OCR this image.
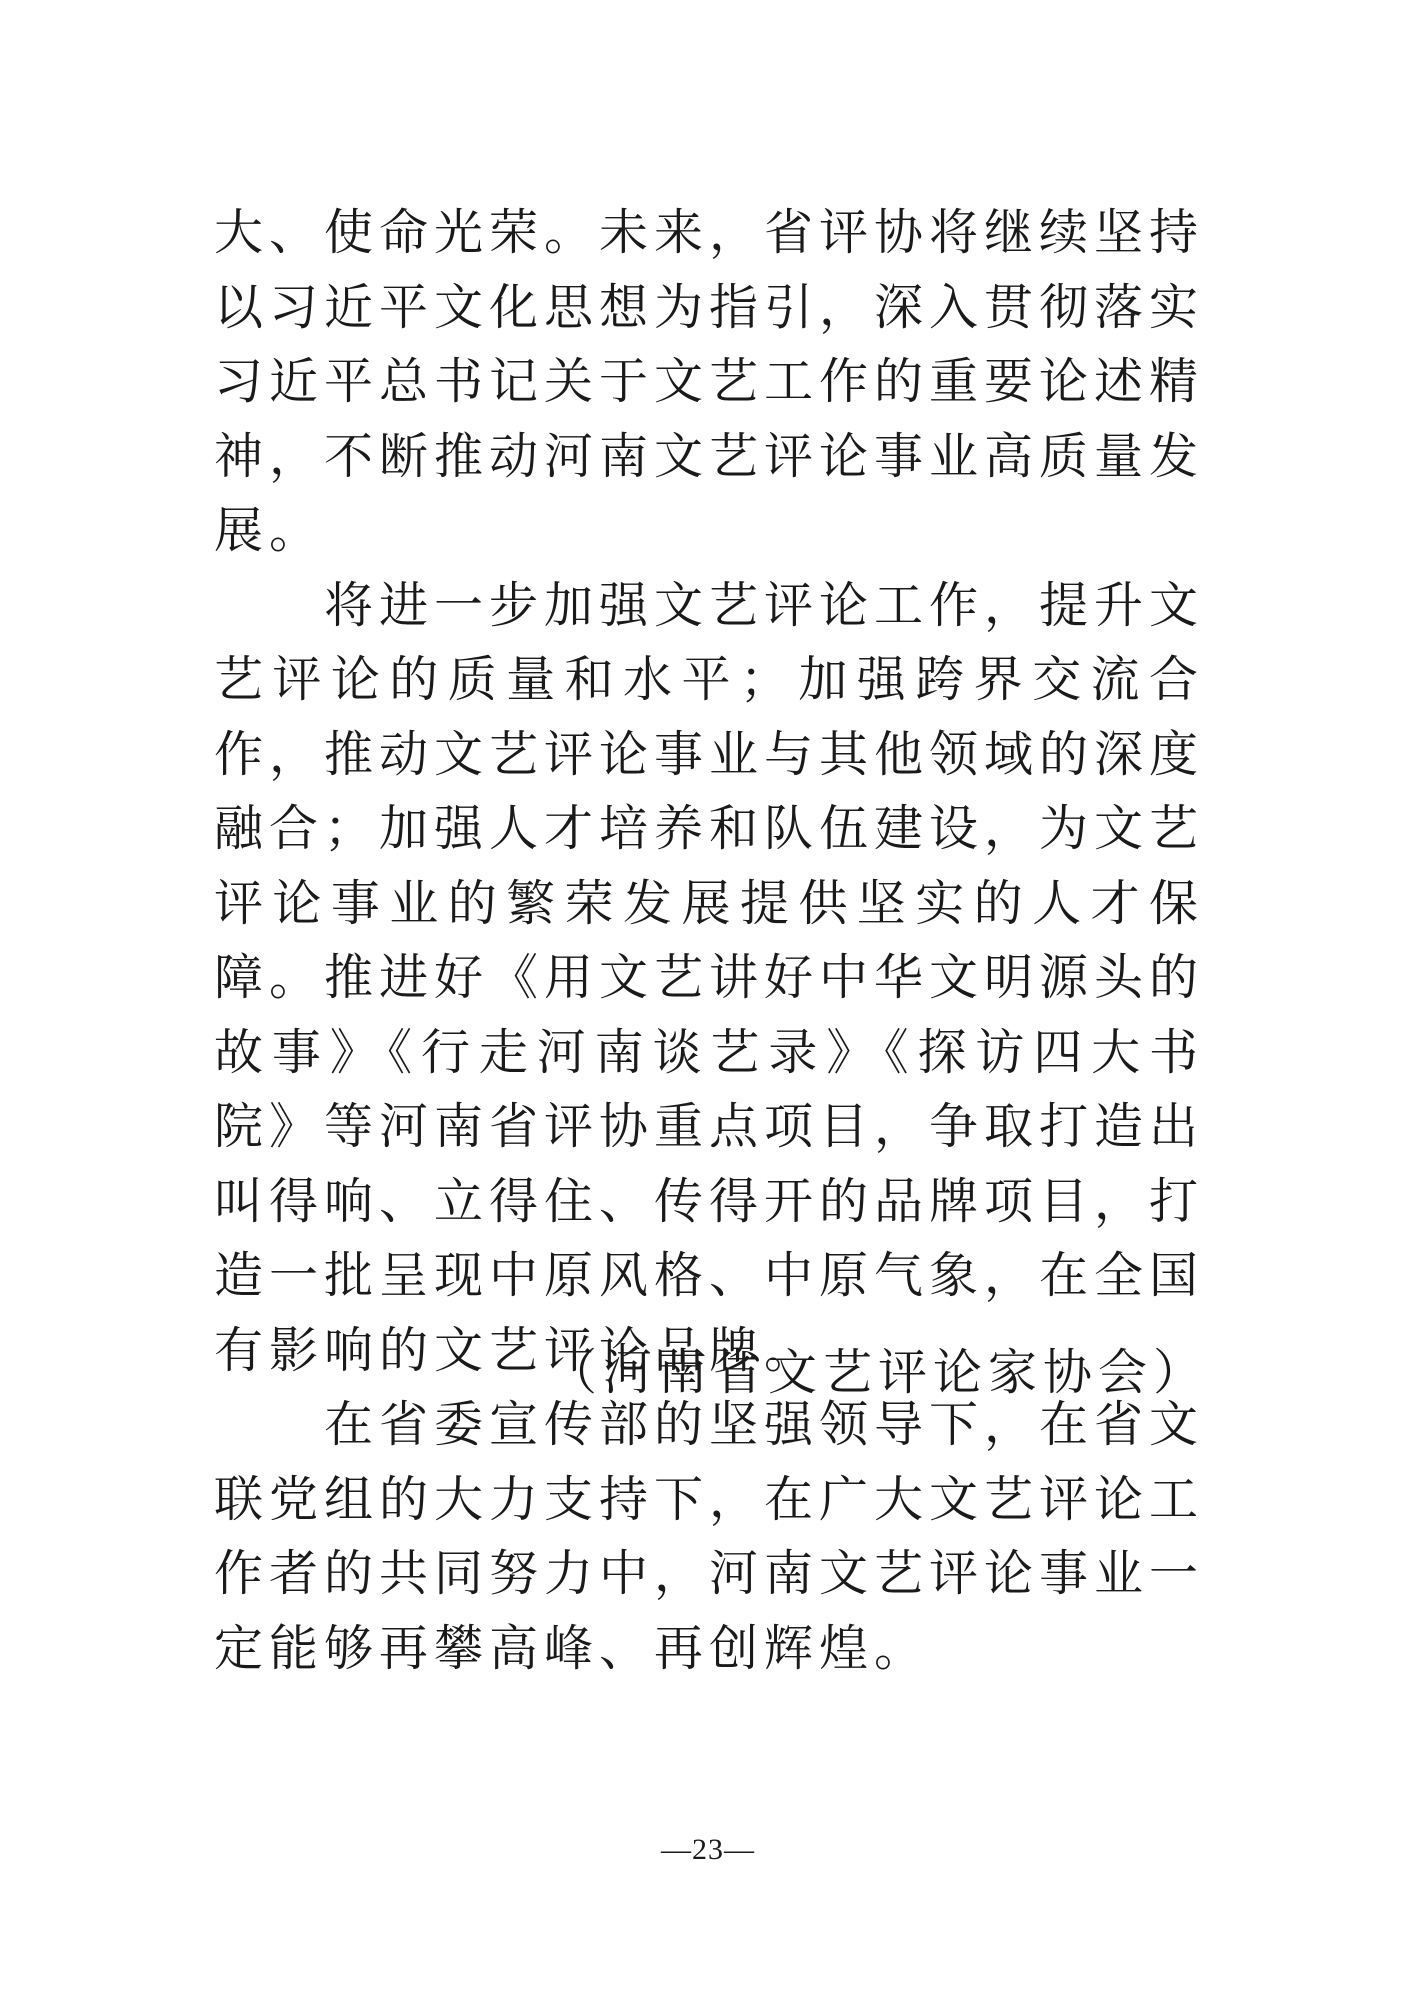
大、使命光荣。未来，省评协将继续坚持以习近平文化思想为指引，深入贯彻落实习近平总书记关于文艺工作的重要论述精神，不断推动河南文艺评论事业高质量发展。

将进一步加强文艺评论工作，提升文艺评论的质量和水平；加强跨界交流合作，推动文艺评论事业与其他领域的深度融合；加强人才培养和队伍建设，为文艺评论事业的繁荣发展提供坚实的人才保障。推进好《用文艺讲好中华文明源头的故事》《行走河南谈艺录》《探访四大书院》等河南省评协重点项目，争取打造出叫得响、立得住、传得开的品牌项目，打造一批呈现中原风格、中原气象，在全国有影响的文艺评论品牌。

在省委宣传部的坚强领导下，在省文联党组的大力支持下，在广大文艺评论工作者的共同努力中，河南文艺评论事业一定能够再攀高峰、再创辉煌。

（河南省文艺评论家协会）
—23—
